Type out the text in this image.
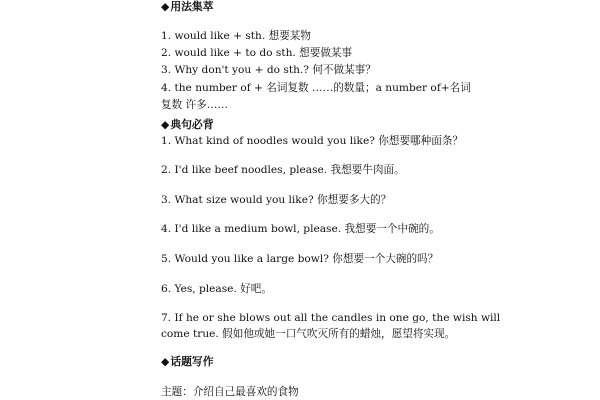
◆用法集萃
1. would like + sth. 想要某物
2. would like + to do sth. 想要做某事
3. Why don't you + do sth.? 何不做某事？
4. the number of + 名词复数 ……的数量；a number of+名词
复数 许多……
◆典句必背
1. What kind of noodles would you like? 你想要哪种面条？
2. I'd like beef noodles, please. 我想要牛肉面。
3. What size would you like? 你想要多大的？
4. I'd like a medium bowl, please. 我想要一个中碗的。
5. Would you like a large bowl? 你想要一个大碗的吗？
6. Yes, please. 好吧。
7. If he or she blows out all the candles in one go, the wish will
come true. 假如他或她一口气吹灭所有的蜡烛，愿望将实现。
◆话题写作
主题：介绍自己最喜欢的食物
